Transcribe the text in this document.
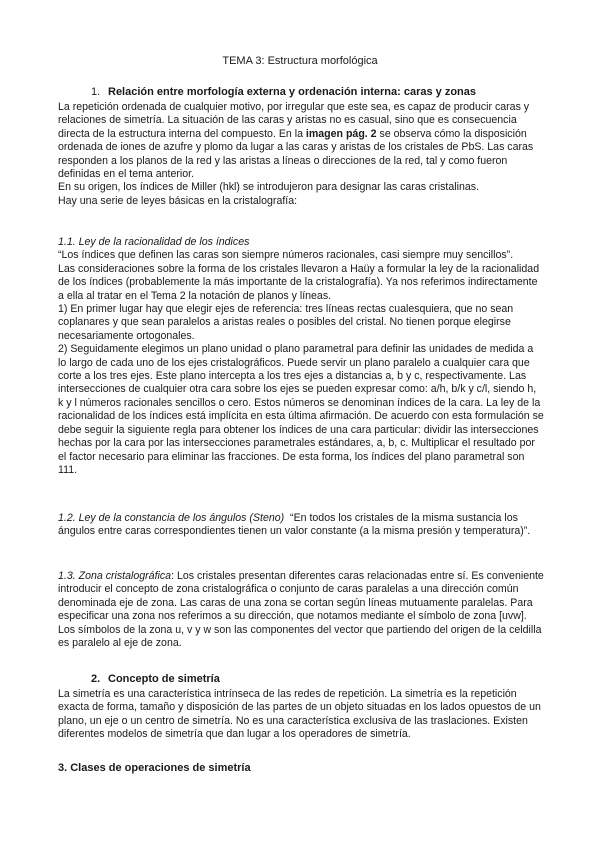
TEMA 3: Estructura morfológica
1. Relación entre morfología externa y ordenación interna: caras y zonas

La repetición ordenada de cualquier motivo, por irregular que este sea, es capaz de producir caras y relaciones de simetría. La situación de las caras y aristas no es casual, sino que es consecuencia directa de la estructura interna del compuesto. En la imagen pág. 2 se observa cómo la disposición ordenada de iones de azufre y plomo da lugar a las caras y aristas de los cristales de PbS. Las caras responden a los planos de la red y las aristas a líneas o direcciones de la red, tal y como fueron definidas en el tema anterior.

En su origen, los índices de Miller (hkl) se introdujeron para designar las caras cristalinas.

Hay una serie de leyes básicas en la cristalografía:

1.1. Ley de la racionalidad de los índices

“Los índices que definen las caras son siempre números racionales, casi siempre muy sencillos”.

Las consideraciones sobre la forma de los cristales llevaron a Haüy a formular la ley de la racionalidad de los índices (probablemente la más importante de la cristalografía). Ya nos referimos indirectamente a ella al tratar en el Tema 2 la notación de planos y líneas.

1) En primer lugar hay que elegir ejes de referencia: tres líneas rectas cualesquiera, que no sean coplanares y que sean paralelos a aristas reales o posibles del cristal. No tienen porque elegirse necesariamente ortogonales.

2) Seguidamente elegimos un plano unidad o plano parametral para definir las unidades de medida a lo largo de cada uno de los ejes cristalográficos. Puede servir un plano paralelo a cualquier cara que corte a los tres ejes. Este plano intercepta a los tres ejes a distancias a, b y c, respectivamente. Las intersecciones de cualquier otra cara sobre los ejes se pueden expresar como: a/h, b/k y c/l, siendo h, k y l números racionales sencillos o cero. Estos números se denominan índices de la cara. La ley de la racionalidad de los índices está implícita en esta última afirmación. De acuerdo con esta formulación se debe seguir la siguiente regla para obtener los índices de una cara particular: dividir las intersecciones hechas por la cara por las intersecciones parametrales estándares, a, b, c. Multiplicar el resultado por el factor necesario para eliminar las fracciones. De esta forma, los índices del plano parametral son 111.

1.2. Ley de la constancia de los ángulos (Steno) “En todos los cristales de la misma sustancia los ángulos entre caras correspondientes tienen un valor constante (a la misma presión y temperatura)”.

1.3. Zona cristalográfica: Los cristales presentan diferentes caras relacionadas entre sí. Es conveniente introducir el concepto de zona cristalográfica o conjunto de caras paralelas a una dirección común denominada eje de zona. Las caras de una zona se cortan según líneas mutuamente paralelas. Para especificar una zona nos referimos a su dirección, que notamos mediante el símbolo de zona [uvw]. Los símbolos de la zona u, v y w son las componentes del vector que partiendo del origen de la celdilla es paralelo al eje de zona.

2. Concepto de simetría

La simetría es una característica intrínseca de las redes de repetición. La simetría es la repetición exacta de forma, tamaño y disposición de las partes de un objeto situadas en los lados opuestos de un plano, un eje o un centro de simetría. No es una característica exclusiva de las traslaciones. Existen diferentes modelos de simetría que dan lugar a los operadores de simetría.

3. Clases de operaciones de simetría
